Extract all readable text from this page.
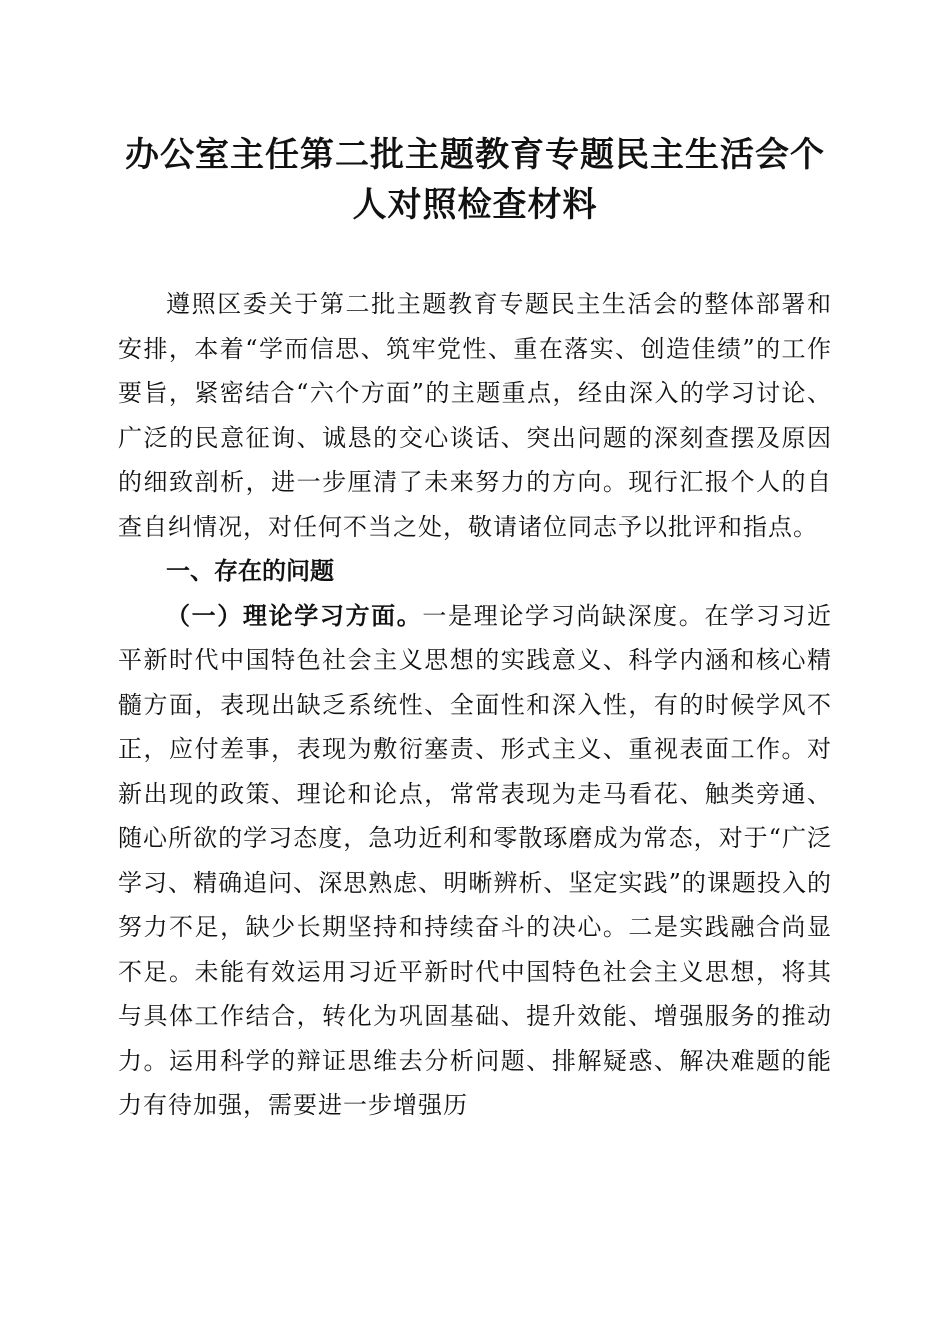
办公室主任第二批主题教育专题民主生活会个人对照检查材料

遵照区委关于第二批主题教育专题民主生活会的整体部署和安排，本着“学而信思、筑牢党性、重在落实、创造佳绩”的工作要旨，紧密结合“六个方面”的主题重点，经由深入的学习讨论、广泛的民意征询、诚恳的交心谈话、突出问题的深刻查摆及原因的细致剖析，进一步厘清了未来努力的方向。现行汇报个人的自查自纠情况，对任何不当之处，敬请诸位同志予以批评和指点。

一、存在的问题

（一）理论学习方面。一是理论学习尚缺深度。在学习习近平新时代中国特色社会主义思想的实践意义、科学内涵和核心精髓方面，表现出缺乏系统性、全面性和深入性，有的时候学风不正，应付差事，表现为敷衍塞责、形式主义、重视表面工作。对新出现的政策、理论和论点，常常表现为走马看花、触类旁通、随心所欲的学习态度，急功近利和零散琢磨成为常态，对于“广泛学习、精确追问、深思熟虑、明晰辨析、坚定实践”的课题投入的努力不足，缺少长期坚持和持续奋斗的决心。二是实践融合尚显不足。未能有效运用习近平新时代中国特色社会主义思想，将其与具体工作结合，转化为巩固基础、提升效能、增强服务的推动力。运用科学的辩证思维去分析问题、排解疑惑、解决难题的能力有待加强，需要进一步增强历
